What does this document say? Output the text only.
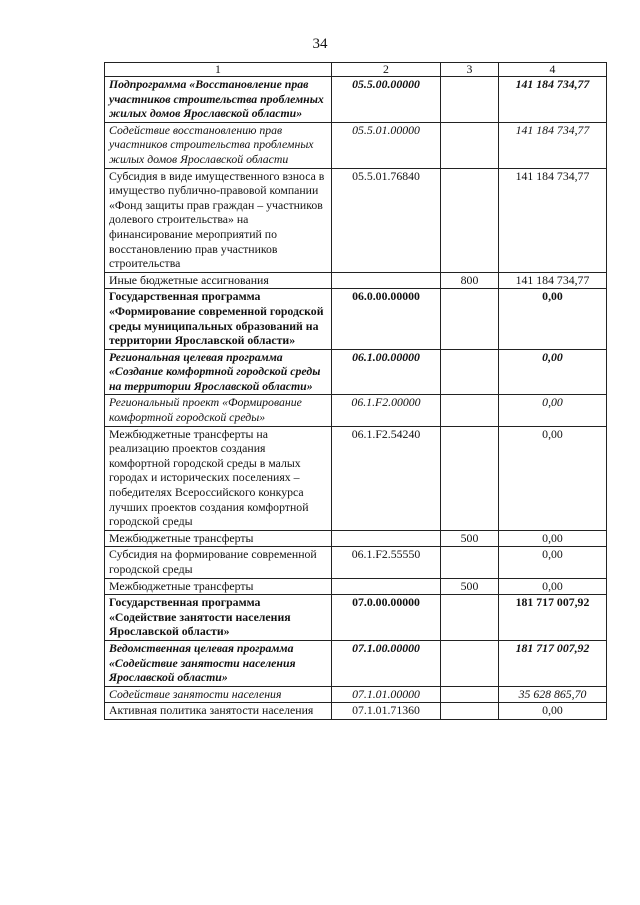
34
1	2	3	4
Подпрограмма «Восстановление прав участников строительства проблемных жилых домов Ярославской области»	05.5.00.00000		141 184 734,77
Содействие восстановлению прав участников строительства проблемных жилых домов Ярославской области	05.5.01.00000		141 184 734,77
Субсидия в виде имущественного взноса в имущество публично-правовой компании «Фонд защиты прав граждан – участников долевого строительства» на финансирование мероприятий по восстановлению прав участников строительства	05.5.01.76840		141 184 734,77
Иные бюджетные ассигнования		800	141 184 734,77
Государственная программа «Формирование современной городской среды муниципальных образований на территории Ярославской области»	06.0.00.00000		0,00
Региональная целевая программа «Создание комфортной городской среды на территории Ярославской области»	06.1.00.00000		0,00
Региональный проект «Формирование комфортной городской среды»	06.1.F2.00000		0,00
Межбюджетные трансферты на реализацию проектов создания комфортной городской среды в малых городах и исторических поселениях – победителях Всероссийского конкурса лучших проектов создания комфортной городской среды	06.1.F2.54240		0,00
Межбюджетные трансферты		500	0,00
Субсидия на формирование современной городской среды	06.1.F2.55550		0,00
Межбюджетные трансферты		500	0,00
Государственная программа «Содействие занятости населения Ярославской области»	07.0.00.00000		181 717 007,92
Ведомственная целевая программа «Содействие занятости населения Ярославской области»	07.1.00.00000		181 717 007,92
Содействие занятости населения	07.1.01.00000		35 628 865,70
Активная политика занятости населения	07.1.01.71360		0,00
